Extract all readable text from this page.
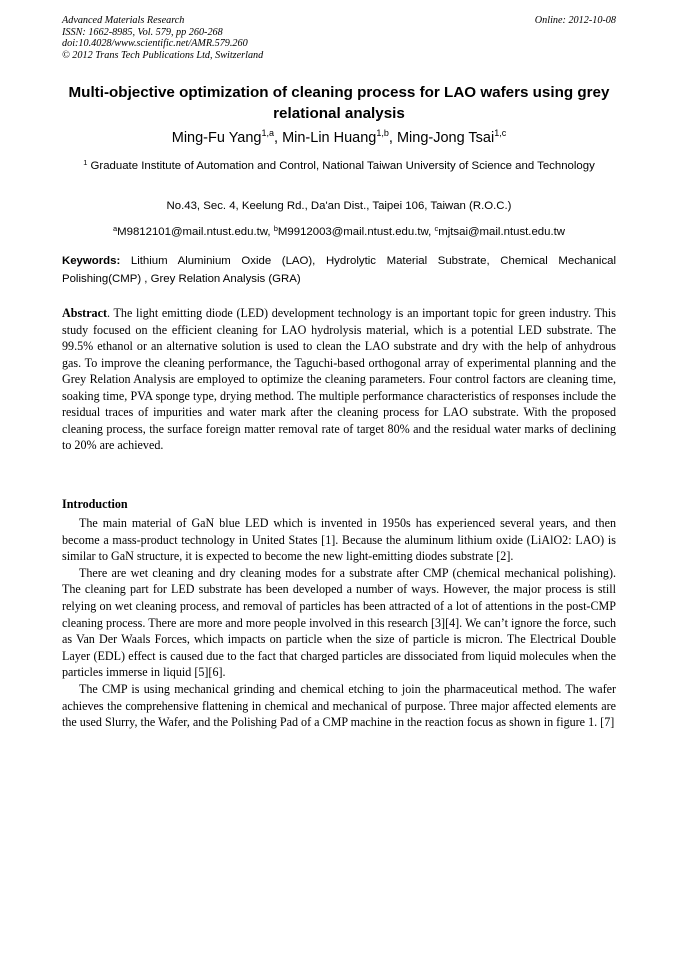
Advanced Materials Research
ISSN: 1662-8985, Vol. 579, pp 260-268
doi:10.4028/www.scientific.net/AMR.579.260
© 2012 Trans Tech Publications Ltd, Switzerland
Online: 2012-10-08
Multi-objective optimization of cleaning process for LAO wafers using grey relational analysis
Ming-Fu Yang$^{1,a}$, Min-Lin Huang$^{1,b}$, Ming-Jong Tsai$^{1,c}$
$^1$ Graduate Institute of Automation and Control, National Taiwan University of Science and Technology
No.43, Sec. 4, Keelung Rd., Da'an Dist., Taipei 106, Taiwan (R.O.C.)
$^a$M9812101@mail.ntust.edu.tw, $^b$M9912003@mail.ntust.edu.tw, $^c$mjtsai@mail.ntust.edu.tw
Keywords: Lithium Aluminium Oxide (LAO), Hydrolytic Material Substrate, Chemical Mechanical Polishing(CMP) , Grey Relation Analysis (GRA)
Abstract. The light emitting diode (LED) development technology is an important topic for green industry. This study focused on the efficient cleaning for LAO hydrolysis material, which is a potential LED substrate. The 99.5% ethanol or an alternative solution is used to clean the LAO substrate and dry with the help of anhydrous gas. To improve the cleaning performance, the Taguchi-based orthogonal array of experimental planning and the Grey Relation Analysis are employed to optimize the cleaning parameters. Four control factors are cleaning time, soaking time, PVA sponge type, drying method. The multiple performance characteristics of responses include the residual traces of impurities and water mark after the cleaning process for LAO substrate. With the proposed cleaning process, the surface foreign matter removal rate of target 80% and the residual water marks of declining to 20% are achieved.
Introduction

The main material of GaN blue LED which is invented in 1950s has experienced several years, and then become a mass-product technology in United States [1]. Because the aluminum lithium oxide (LiAlO2: LAO) is similar to GaN structure, it is expected to become the new light-emitting diodes substrate [2].

There are wet cleaning and dry cleaning modes for a substrate after CMP (chemical mechanical polishing). The cleaning part for LED substrate has been developed a number of ways. However, the major process is still relying on wet cleaning process, and removal of particles has been attracted of a lot of attentions in the post-CMP cleaning process. There are more and more people involved in this research [3][4]. We can’t ignore the force, such as Van Der Waals Forces, which impacts on particle when the size of particle is micron. The Electrical Double Layer (EDL) effect is caused due to the fact that charged particles are dissociated from liquid molecules when the particles immerse in liquid [5][6].

The CMP is using mechanical grinding and chemical etching to join the pharmaceutical method. The wafer achieves the comprehensive flattening in chemical and mechanical of purpose. Three major affected elements are the used Slurry, the Wafer, and the Polishing Pad of a CMP machine in the reaction focus as shown in figure 1. [7]
